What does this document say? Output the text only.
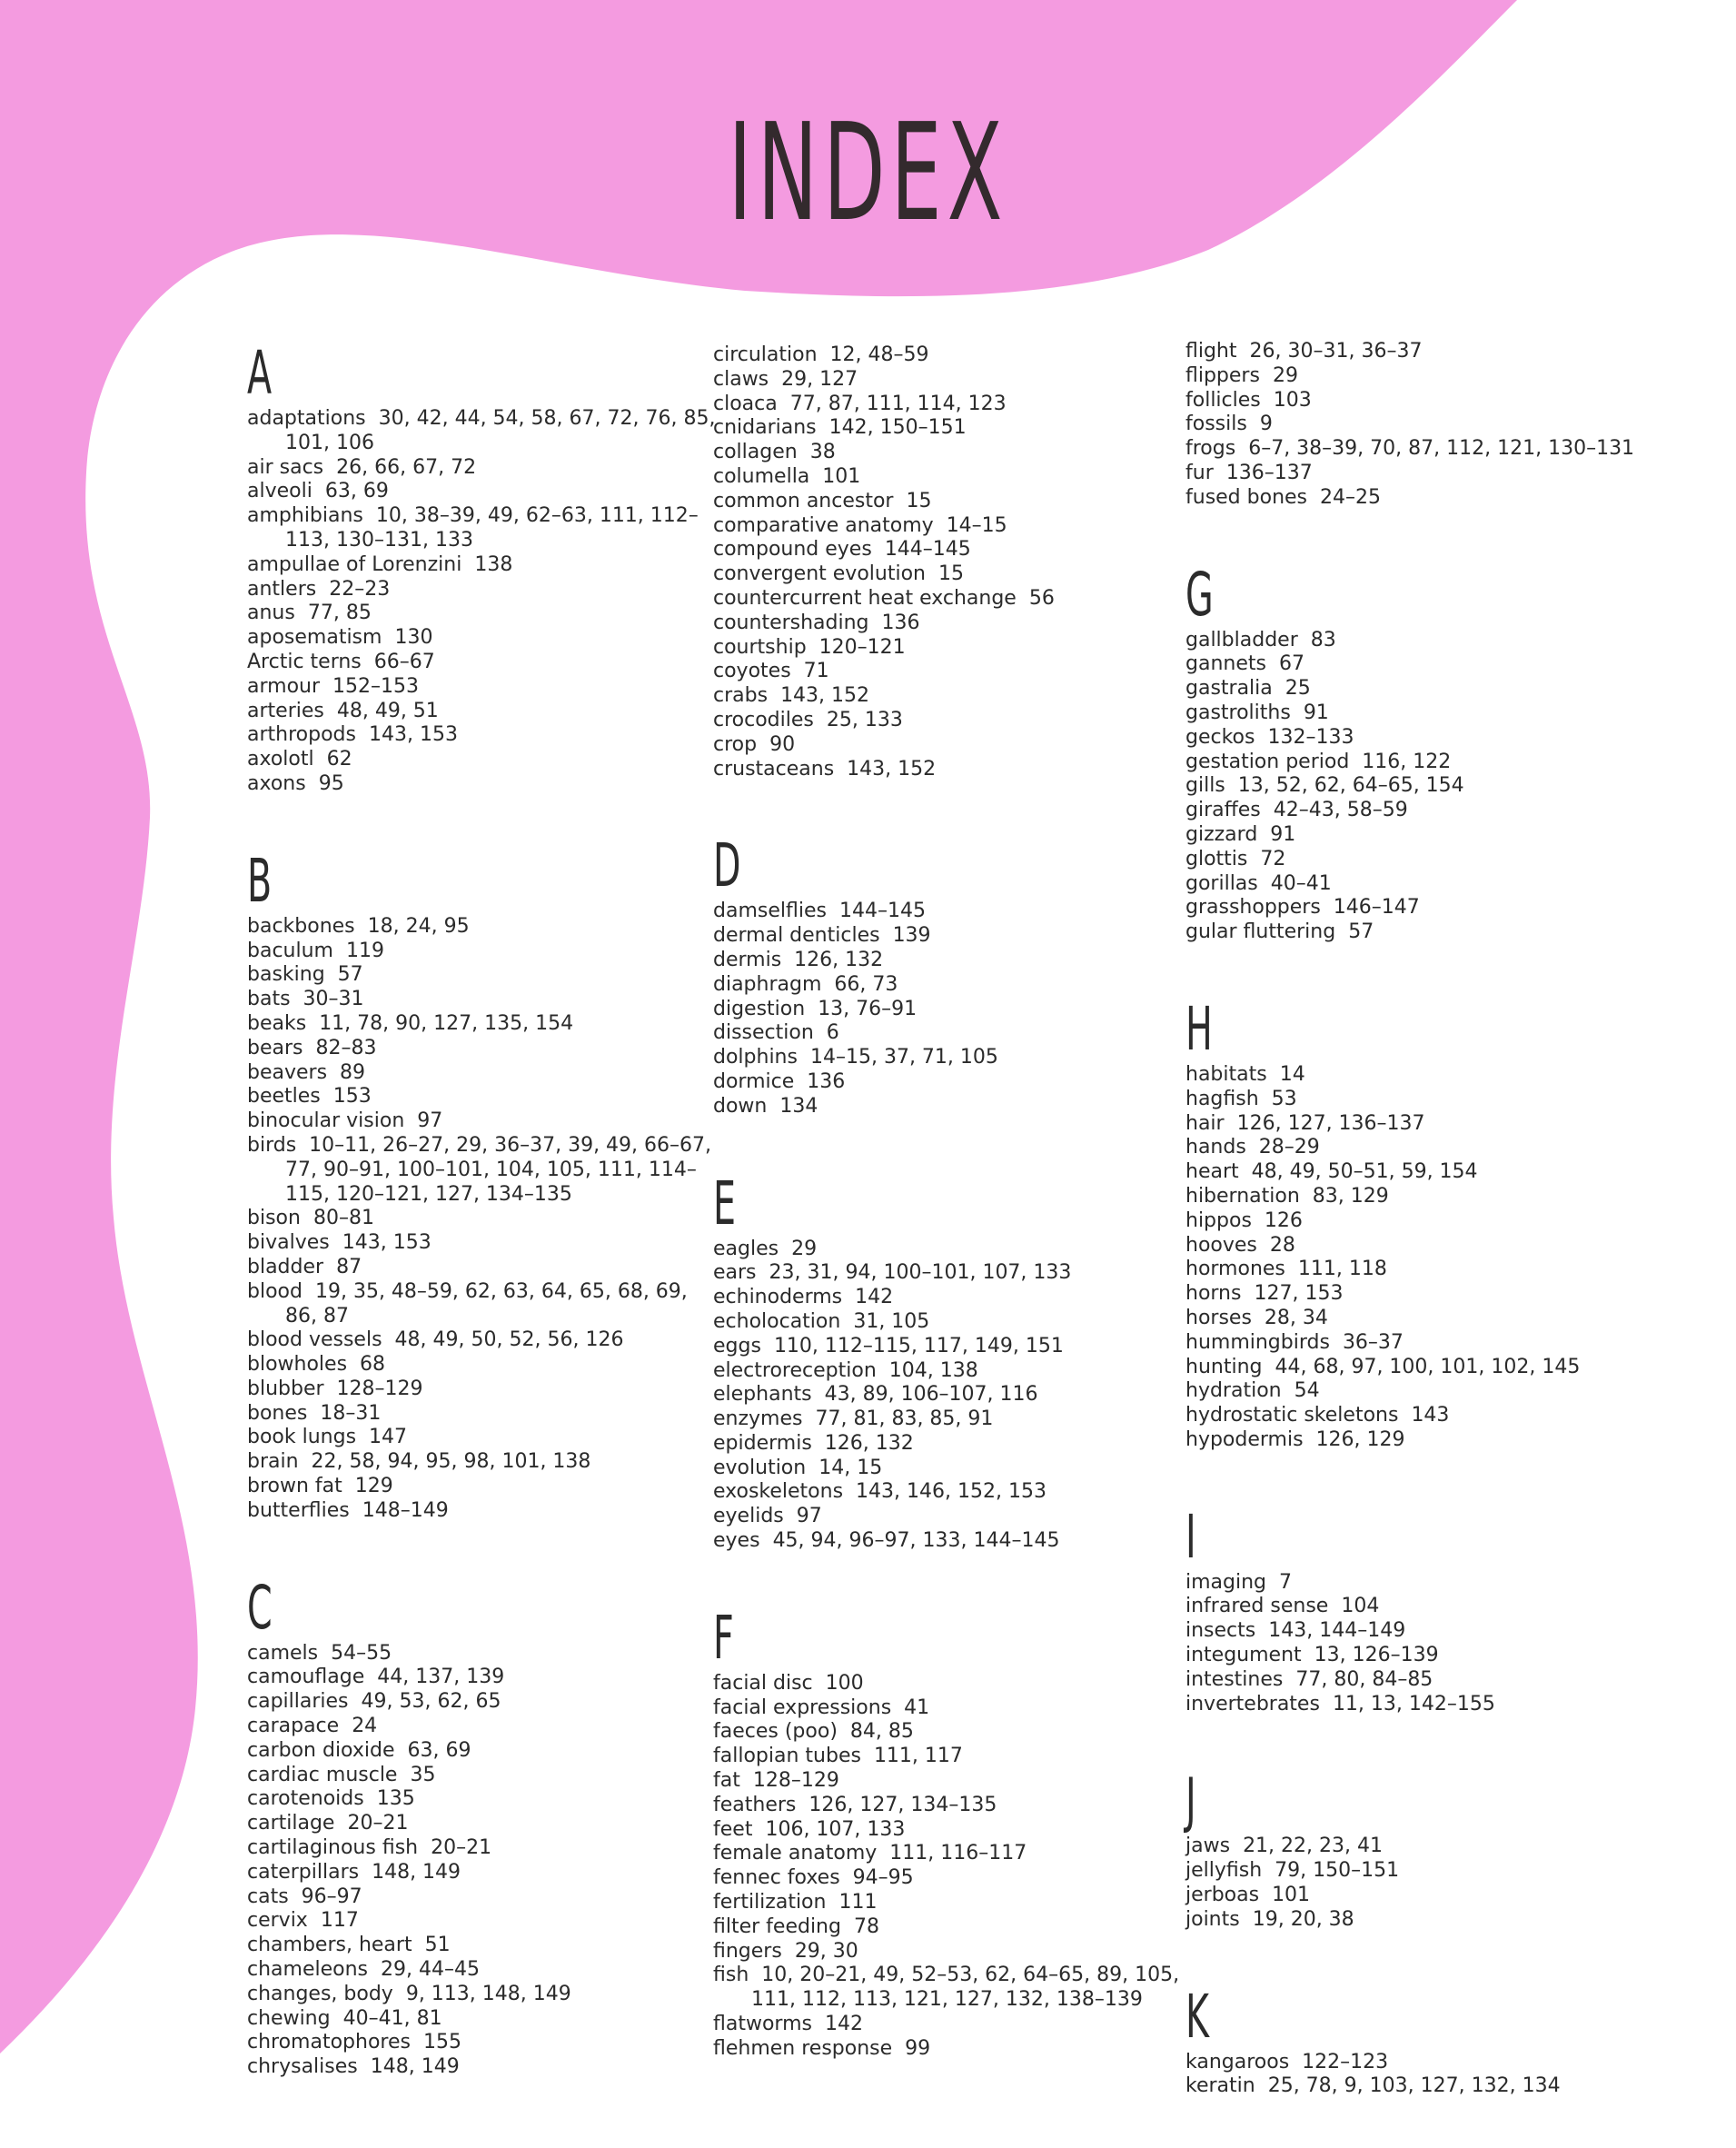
INDEX
A
adaptations 30, 42, 44, 54, 58, 67, 72, 76, 85, 101, 106
air sacs 26, 66, 67, 72
alveoli 63, 69
amphibians 10, 38–39, 49, 62–63, 111, 112–113, 130–131, 133
ampullae of Lorenzini 138
antlers 22–23
anus 77, 85
aposematism 130
Arctic terns 66–67
armour 152–153
arteries 48, 49, 51
arthropods 143, 153
axolotl 62
axons 95
B
backbones 18, 24, 95
baculum 119
basking 57
bats 30–31
beaks 11, 78, 90, 127, 135, 154
bears 82–83
beavers 89
beetles 153
binocular vision 97
birds 10–11, 26–27, 29, 36–37, 39, 49, 66–67, 77, 90–91, 100–101, 104, 105, 111, 114–115, 120–121, 127, 134–135
bison 80–81
bivalves 143, 153
bladder 87
blood 19, 35, 48–59, 62, 63, 64, 65, 68, 69, 86, 87
blood vessels 48, 49, 50, 52, 56, 126
blowholes 68
blubber 128–129
bones 18–31
book lungs 147
brain 22, 58, 94, 95, 98, 101, 138
brown fat 129
butterflies 148–149
C
camels 54–55
camouflage 44, 137, 139
capillaries 49, 53, 62, 65
carapace 24
carbon dioxide 63, 69
cardiac muscle 35
carotenoids 135
cartilage 20–21
cartilaginous fish 20–21
caterpillars 148, 149
cats 96–97
cervix 117
chambers, heart 51
chameleons 29, 44–45
changes, body 9, 113, 148, 149
chewing 40–41, 81
chromatophores 155
chrysalises 148, 149
circulation 12, 48–59
claws 29, 127
cloaca 77, 87, 111, 114, 123
cnidarians 142, 150–151
collagen 38
columella 101
common ancestor 15
comparative anatomy 14–15
compound eyes 144–145
convergent evolution 15
countercurrent heat exchange 56
countershading 136
courtship 120–121
coyotes 71
crabs 143, 152
crocodiles 25, 133
crop 90
crustaceans 143, 152
D
damselflies 144–145
dermal denticles 139
dermis 126, 132
diaphragm 66, 73
digestion 13, 76–91
dissection 6
dolphins 14–15, 37, 71, 105
dormice 136
down 134
E
eagles 29
ears 23, 31, 94, 100–101, 107, 133
echinoderms 142
echolocation 31, 105
eggs 110, 112–115, 117, 149, 151
electroreception 104, 138
elephants 43, 89, 106–107, 116
enzymes 77, 81, 83, 85, 91
epidermis 126, 132
evolution 14, 15
exoskeletons 143, 146, 152, 153
eyelids 97
eyes 45, 94, 96–97, 133, 144–145
F
facial disc 100
facial expressions 41
faeces (poo) 84, 85
fallopian tubes 111, 117
fat 128–129
feathers 126, 127, 134–135
feet 106, 107, 133
female anatomy 111, 116–117
fennec foxes 94–95
fertilization 111
filter feeding 78
fingers 29, 30
fish 10, 20–21, 49, 52–53, 62, 64–65, 89, 105, 111, 112, 113, 121, 127, 132, 138–139
flatworms 142
flehmen response 99
flight 26, 30–31, 36–37
flippers 29
follicles 103
fossils 9
frogs 6–7, 38–39, 70, 87, 112, 121, 130–131
fur 136–137
fused bones 24–25
G
gallbladder 83
gannets 67
gastralia 25
gastroliths 91
geckos 132–133
gestation period 116, 122
gills 13, 52, 62, 64–65, 154
giraffes 42–43, 58–59
gizzard 91
glottis 72
gorillas 40–41
grasshoppers 146–147
gular fluttering 57
H
habitats 14
hagfish 53
hair 126, 127, 136–137
hands 28–29
heart 48, 49, 50–51, 59, 154
hibernation 83, 129
hippos 126
hooves 28
hormones 111, 118
horns 127, 153
horses 28, 34
hummingbirds 36–37
hunting 44, 68, 97, 100, 101, 102, 145
hydration 54
hydrostatic skeletons 143
hypodermis 126, 129
I
imaging 7
infrared sense 104
insects 143, 144–149
integument 13, 126–139
intestines 77, 80, 84–85
invertebrates 11, 13, 142–155
J
jaws 21, 22, 23, 41
jellyfish 79, 150–151
jerboas 101
joints 19, 20, 38
K
kangaroos 122–123
keratin 25, 78, 9, 103, 127, 132, 134
